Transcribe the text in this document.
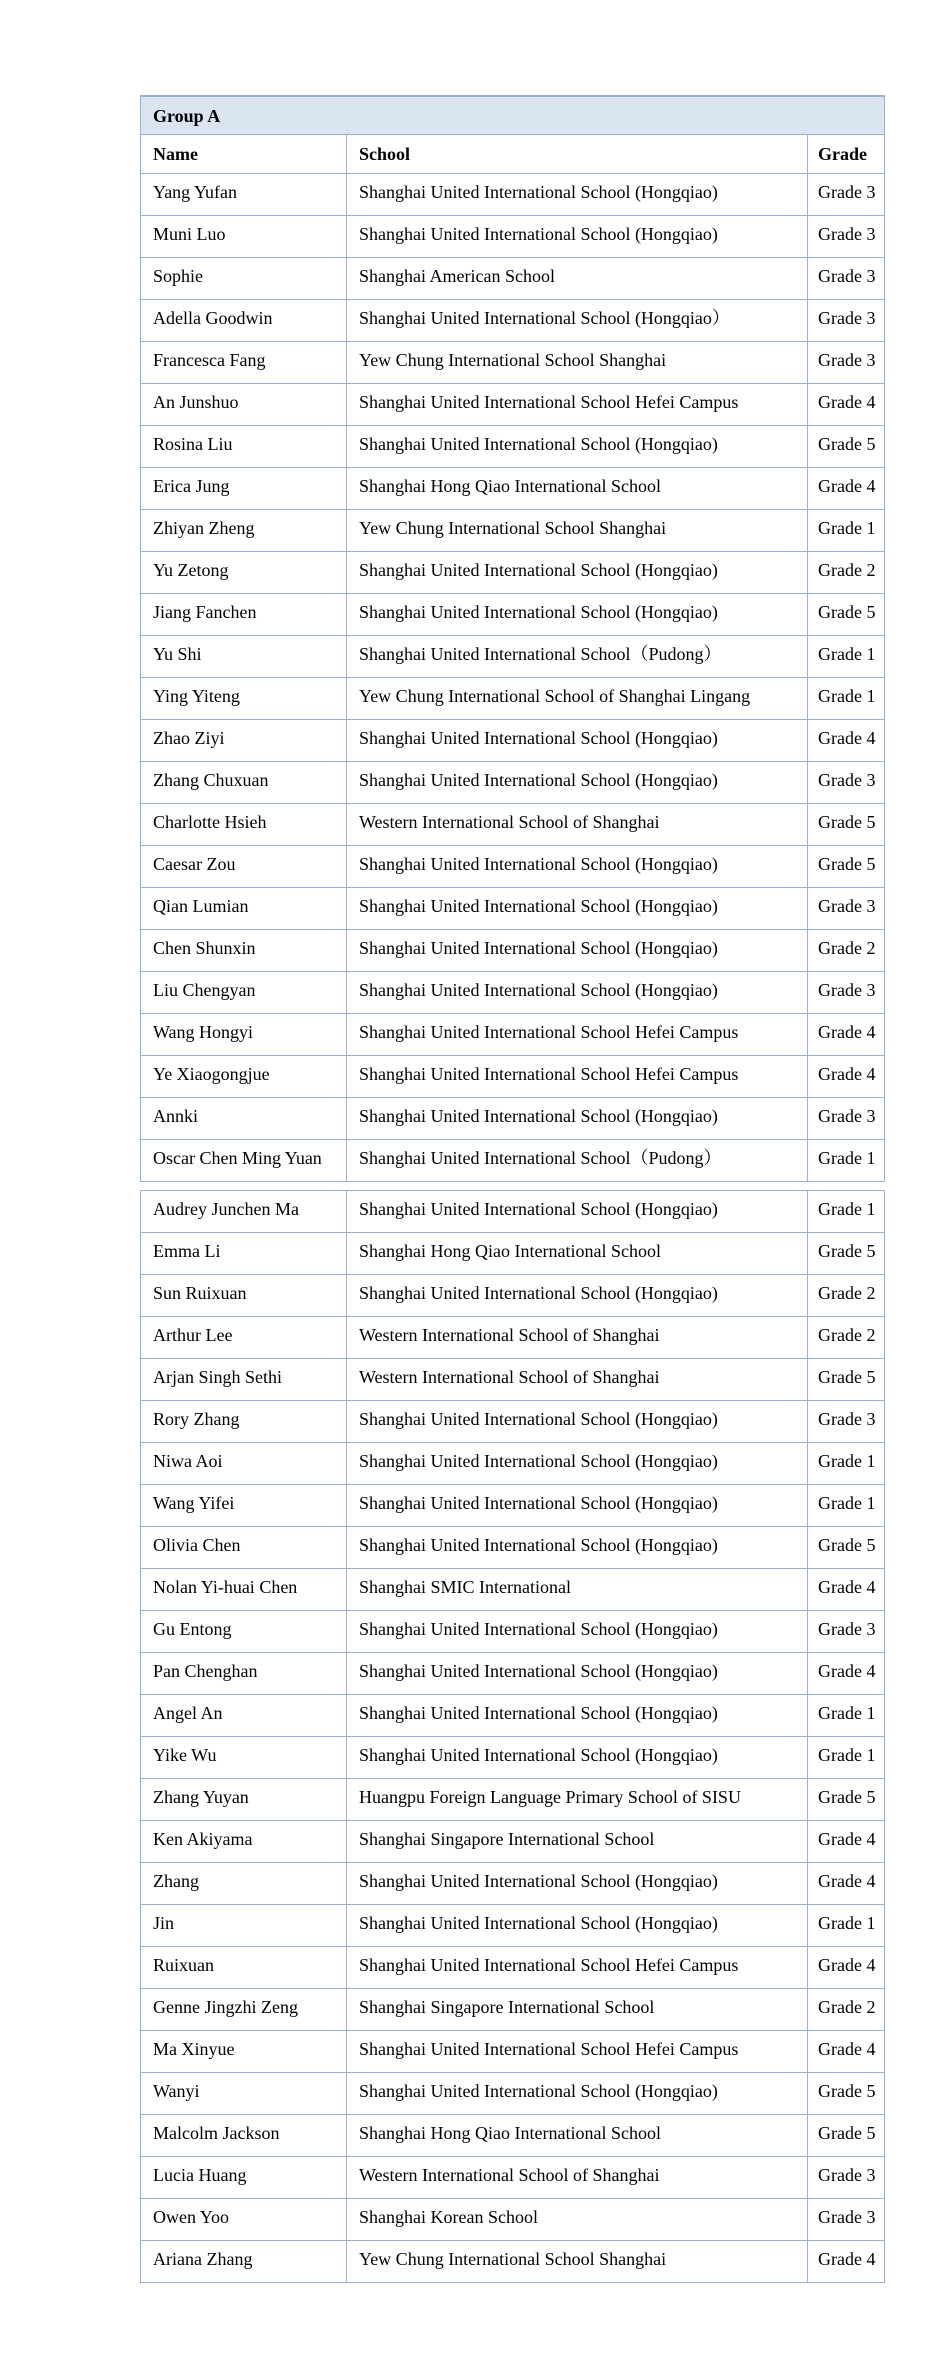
Group A
Name	School	Grade
Yang Yufan	Shanghai United International School (Hongqiao)	Grade 3
Muni Luo	Shanghai United International School (Hongqiao)	Grade 3
Sophie	Shanghai American School	Grade 3
Adella Goodwin	Shanghai United International School (Hongqiao）	Grade 3
Francesca Fang	Yew Chung International School Shanghai	Grade 3
An Junshuo	Shanghai United International School Hefei Campus	Grade 4
Rosina Liu	Shanghai United International School (Hongqiao)	Grade 5
Erica Jung	Shanghai Hong Qiao International School	Grade 4
Zhiyan Zheng	Yew Chung International School Shanghai	Grade 1
Yu Zetong	Shanghai United International School (Hongqiao)	Grade 2
Jiang Fanchen	Shanghai United International School (Hongqiao)	Grade 5
Yu Shi	Shanghai United International School（Pudong）	Grade 1
Ying Yiteng	Yew Chung International School of Shanghai Lingang	Grade 1
Zhao Ziyi	Shanghai United International School (Hongqiao)	Grade 4
Zhang Chuxuan	Shanghai United International School (Hongqiao)	Grade 3
Charlotte Hsieh	Western International School of Shanghai	Grade 5
Caesar Zou	Shanghai United International School (Hongqiao)	Grade 5
Qian Lumian	Shanghai United International School (Hongqiao)	Grade 3
Chen Shunxin	Shanghai United International School (Hongqiao)	Grade 2
Liu Chengyan	Shanghai United International School (Hongqiao)	Grade 3
Wang Hongyi	Shanghai United International School Hefei Campus	Grade 4
Ye Xiaogongjue	Shanghai United International School Hefei Campus	Grade 4
Annki	Shanghai United International School (Hongqiao)	Grade 3
Oscar Chen Ming Yuan	Shanghai United International School（Pudong）	Grade 1
Audrey Junchen Ma	Shanghai United International School (Hongqiao)	Grade 1
Emma Li	Shanghai Hong Qiao International School	Grade 5
Sun Ruixuan	Shanghai United International School (Hongqiao)	Grade 2
Arthur Lee	Western International School of Shanghai	Grade 2
Arjan Singh Sethi	Western International School of Shanghai	Grade 5
Rory Zhang	Shanghai United International School (Hongqiao)	Grade 3
Niwa Aoi	Shanghai United International School (Hongqiao)	Grade 1
Wang Yifei	Shanghai United International School (Hongqiao)	Grade 1
Olivia Chen	Shanghai United International School (Hongqiao)	Grade 5
Nolan Yi-huai Chen	Shanghai SMIC International	Grade 4
Gu Entong	Shanghai United International School (Hongqiao)	Grade 3
Pan Chenghan	Shanghai United International School (Hongqiao)	Grade 4
Angel An	Shanghai United International School (Hongqiao)	Grade 1
Yike Wu	Shanghai United International School (Hongqiao)	Grade 1
Zhang Yuyan	Huangpu Foreign Language Primary School of SISU	Grade 5
Ken Akiyama	Shanghai Singapore International School	Grade 4
Zhang	Shanghai United International School (Hongqiao)	Grade 4
Jin	Shanghai United International School (Hongqiao)	Grade 1
Ruixuan	Shanghai United International School Hefei Campus	Grade 4
Genne Jingzhi Zeng	Shanghai Singapore International School	Grade 2
Ma Xinyue	Shanghai United International School Hefei Campus	Grade 4
Wanyi	Shanghai United International School (Hongqiao)	Grade 5
Malcolm Jackson	Shanghai Hong Qiao International School	Grade 5
Lucia Huang	Western International School of Shanghai	Grade 3
Owen Yoo	Shanghai Korean School	Grade 3
Ariana Zhang	Yew Chung International School Shanghai	Grade 4
